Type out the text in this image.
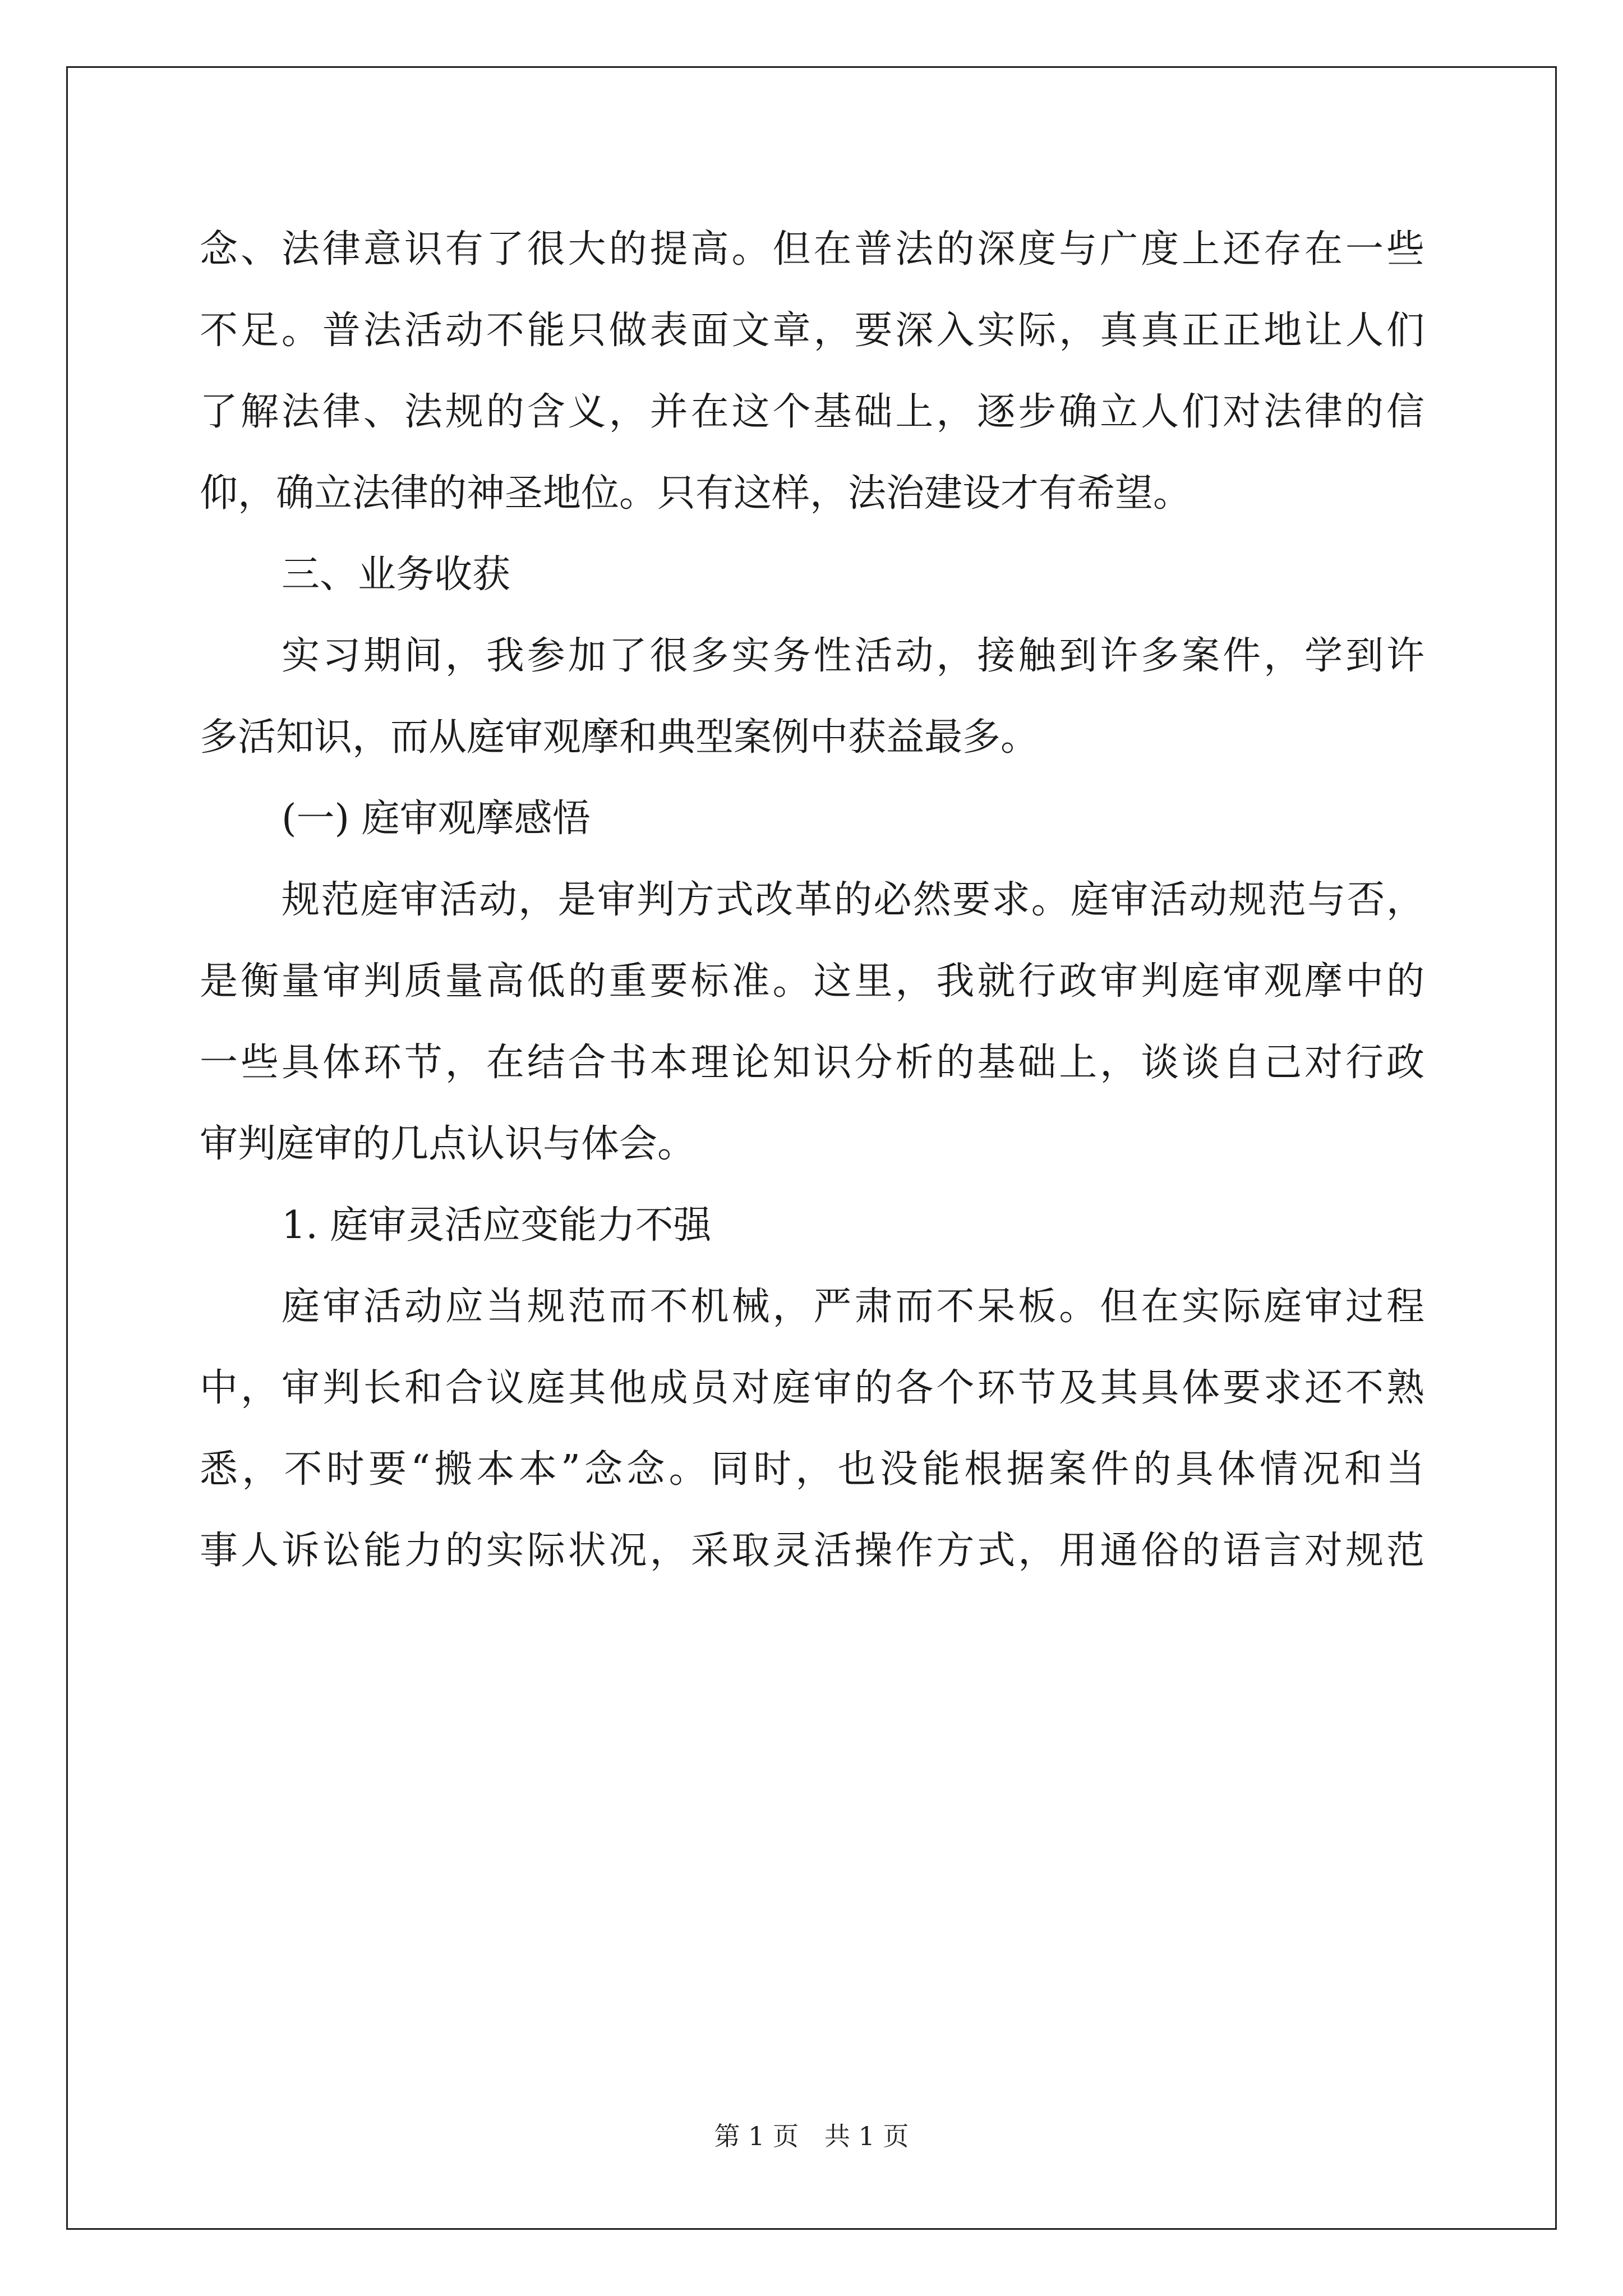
念、法律意识有了很大的提高。但在普法的深度与广度上还存在一些
不足。普法活动不能只做表面文章，要深入实际，真真正正地让人们
了解法律、法规的含义，并在这个基础上，逐步确立人们对法律的信
仰，确立法律的神圣地位。只有这样，法治建设才有希望。
三、业务收获
实习期间，我参加了很多实务性活动，接触到许多案件，学到许
多活知识，而从庭审观摩和典型案例中获益最多。
(一) 庭审观摩感悟
规范庭审活动，是审判方式改革的必然要求。庭审活动规范与否，
是衡量审判质量高低的重要标准。这里，我就行政审判庭审观摩中的
一些具体环节，在结合书本理论知识分析的基础上，谈谈自己对行政
审判庭审的几点认识与体会。
1. 庭审灵活应变能力不强
庭审活动应当规范而不机械，严肃而不呆板。但在实际庭审过程
中，审判长和合议庭其他成员对庭审的各个环节及其具体要求还不熟
悉，不时要“搬本本”念念。同时，也没能根据案件的具体情况和当
事人诉讼能力的实际状况，采取灵活操作方式，用通俗的语言对规范
第 1 页　共 1 页
